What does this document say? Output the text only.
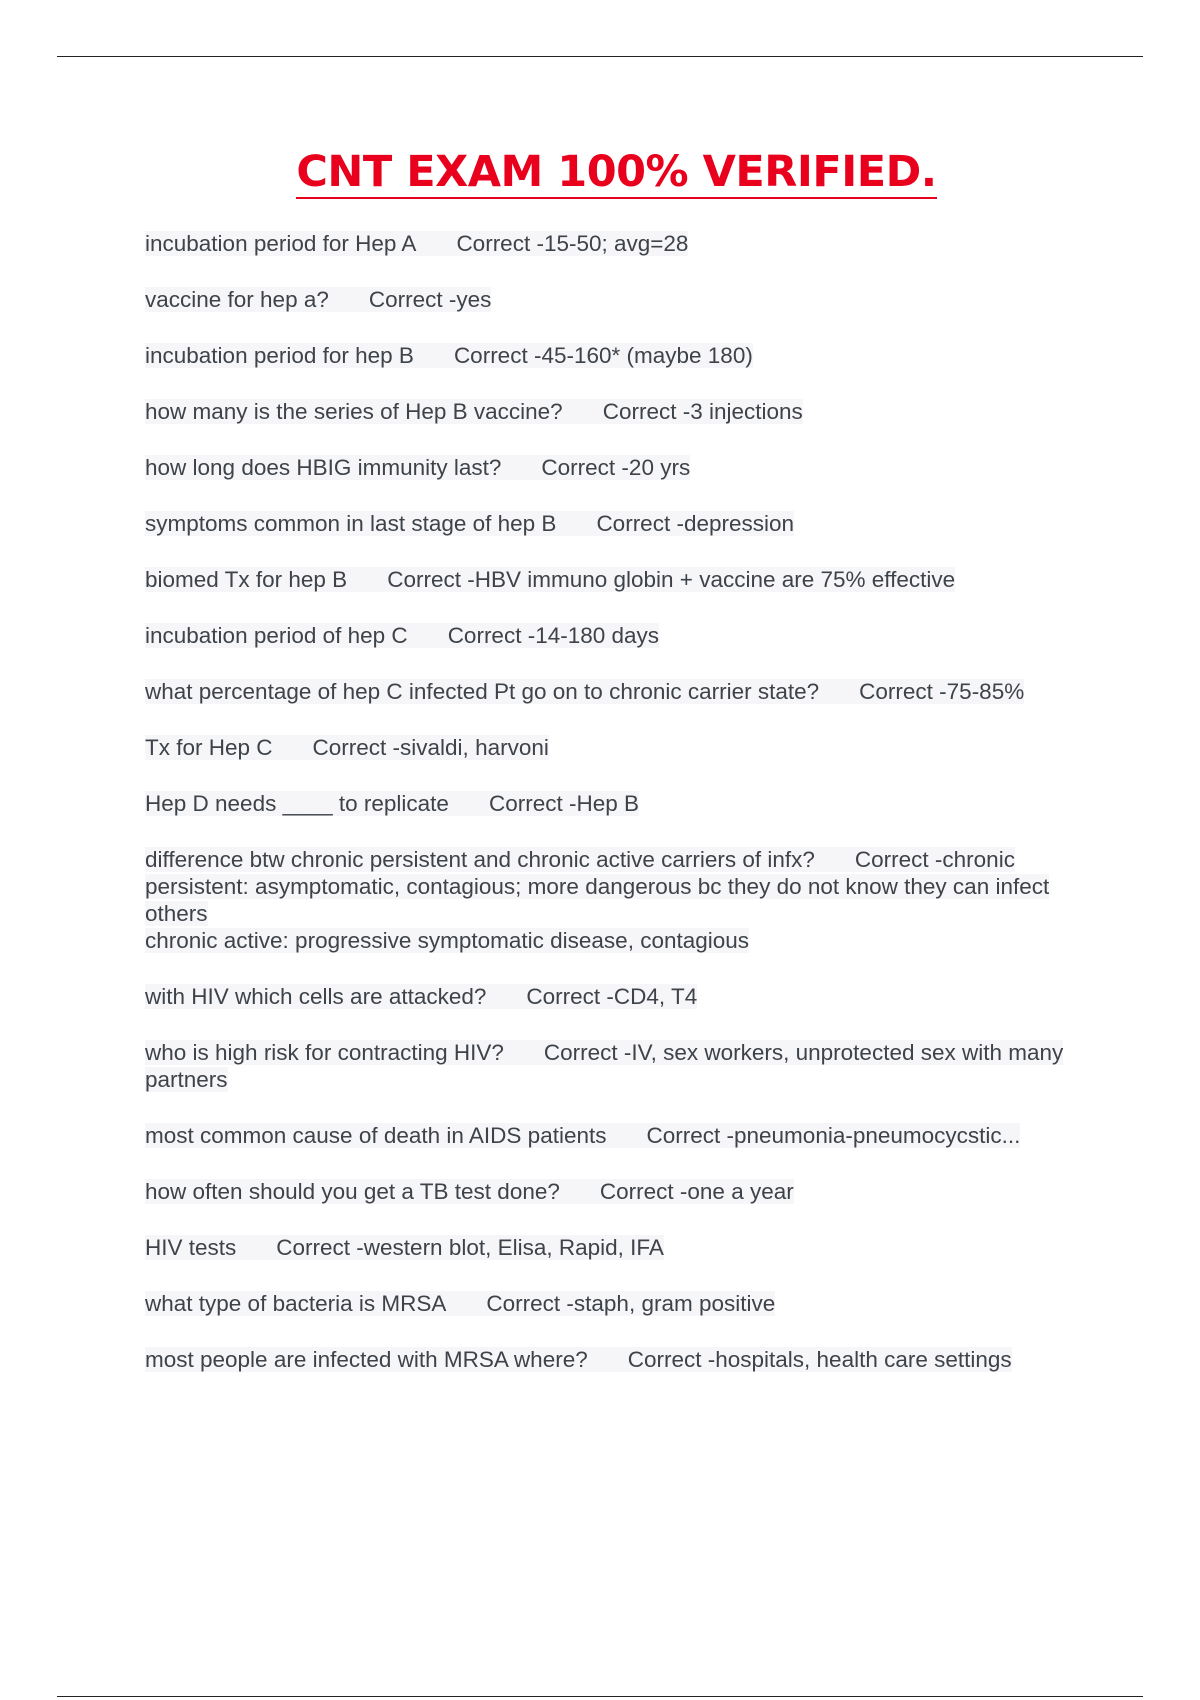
CNT EXAM 100% VERIFIED.
incubation period for Hep A Correct -15-50; avg=28
vaccine for hep a? Correct -yes
incubation period for hep B Correct -45-160* (maybe 180)
how many is the series of Hep B vaccine? Correct -3 injections
how long does HBIG immunity last? Correct -20 yrs
symptoms common in last stage of hep B Correct -depression
biomed Tx for hep B Correct -HBV immuno globin + vaccine are 75% effective
incubation period of hep C Correct -14-180 days
what percentage of hep C infected Pt go on to chronic carrier state? Correct -75-85%
Tx for Hep C Correct -sivaldi, harvoni
Hep D needs ____ to replicate Correct -Hep B
difference btw chronic persistent and chronic active carriers of infx? Correct -chronic persistent: asymptomatic, contagious; more dangerous bc they do not know they can infect others
chronic active: progressive symptomatic disease, contagious
with HIV which cells are attacked? Correct -CD4, T4
who is high risk for contracting HIV? Correct -IV, sex workers, unprotected sex with many partners
most common cause of death in AIDS patients Correct -pneumonia-pneumocycstic...
how often should you get a TB test done? Correct -one a year
HIV tests Correct -western blot, Elisa, Rapid, IFA
what type of bacteria is MRSA Correct -staph, gram positive
most people are infected with MRSA where? Correct -hospitals, health care settings
